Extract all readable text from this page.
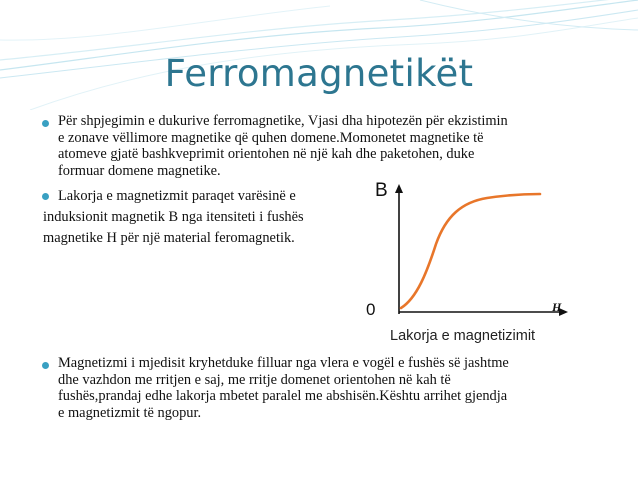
Ferromagnetikët
Për shpjegimin e dukurive ferromagnetike, Vjasi dha hipotezën për ekzistimin
e zonave vëllimore magnetike që quhen domene.Momonetet magnetike të
atomeve gjatë bashkveprimit orientohen në një kah dhe paketohen, duke
formuar domene magnetike.
Lakorja e magnetizmit paraqet varësinë e
induksionit magnetik B nga itensiteti i fushës
magnetike H për një material feromagnetik.
B
H
0
Lakorja e magnetizimit
Magnetizmi i mjedisit kryhetduke filluar nga vlera e vogël e fushës së jashtme
dhe vazhdon me rritjen e saj, me rritje domenet orientohen në kah të
fushës,prandaj edhe lakorja mbetet paralel me abshisën.Kështu arrihet gjendja
e magnetizmit të ngopur.
